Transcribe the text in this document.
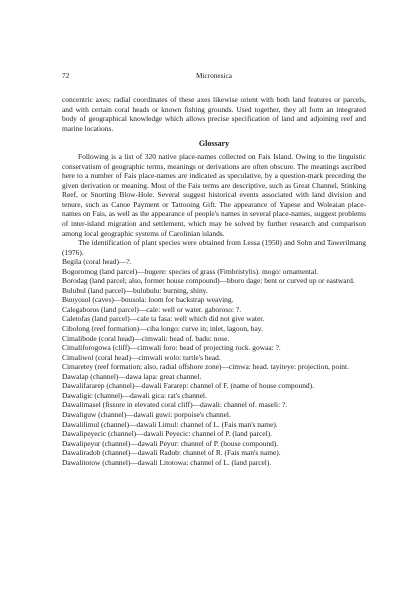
72	Micronesica

concentric axes; radial coordinates of these axes likewise orient with both land features or parcels, and with certain coral heads or known fishing grounds. Used together, they all form an integrated body of geographical knowledge which allows precise specification of land and adjoining reef and marine locations.

Glossary

Following is a list of 320 native place-names collected on Fais Island. Owing to the linguistic conservatism of geographic terms, meanings or derivations are often obscure. The meanings ascribed here to a number of Fais place-names are indicated as speculative, by a question-mark preceding the given derivation or meaning. Most of the Fais terms are descriptive, such as Great Channel, Stinking Reef, or Snorting Blow-Hole. Several suggest historical events associated with land division and tenure, such as Canoe Payment or Tattooing Gift. The appearance of Yapese and Woleaian place-names on Fais, as well as the appearance of people's names in several place-names, suggest problems of inter-island migration and settlement, which may be solved by further research and comparison among local geographic systems of Carolinian islands.

The identification of plant species were obtained from Lessa (1950) and Sohn and Tawerilmang (1976).

Begila (coral head)—?.

Bogoromog (land parcel)—bugere: species of grass (Fimbristylis). mogo: ornamental.

Borodag (land parcel; also, former house compound)—bboro dage: bent or curved up or eastward.

Bulubul (land parcel)—bulubulu: burning, shiny.

Buuyosol (caves)—buusola: loom for backstrap weaving.

Calegaboros (land parcel)—cale: well or water. gaboroso: ?.

Caletofas (land parcel)—cale ta fasa: well which did not give water.

Cibolong (reef formation)—ciba longo: curve in; inlet, lagoon, bay.

Cimalibode (coral head)—cimwali: head of. badu: nose.

Cimaliforogowa (cliff)—cimwali foro: head of projecting rock. gowaa: ?.

Cimaliwol (coral head)—cimwali wolo: turtle's head.

Cimaretey (reef formation; also, radial offshore zone)—cimwa: head. tayiteye: projection, point.

Dawalap (channel)—dawa lapa: great channel.

Dawalifararep (channel)—dawali Fararep: channel of F. (name of house compound).

Dawaligic (channel)—dawali gica: rat's channel.

Dawalimasel (fissure in elevated coral cliff)—dawali: channel of. maseli: ?.

Dawaliguw (channel)—dawali guwi: porpoise's channel.

Dawalilimul (channel)—dawali Limul: channel of L. (Fais man's name).

Dawalipeyecic (channel)—dawali Peyecic: channel of P. (land parcel).

Dawalipeyur (channel)—dawali Peyur: channel of P. (house compound).

Dawaliradob (channel)—dawali Radob: channel of R. (Fais man's name).

Dawalitotow (channel)—dawali Litotowa: channel of L. (land parcel).
